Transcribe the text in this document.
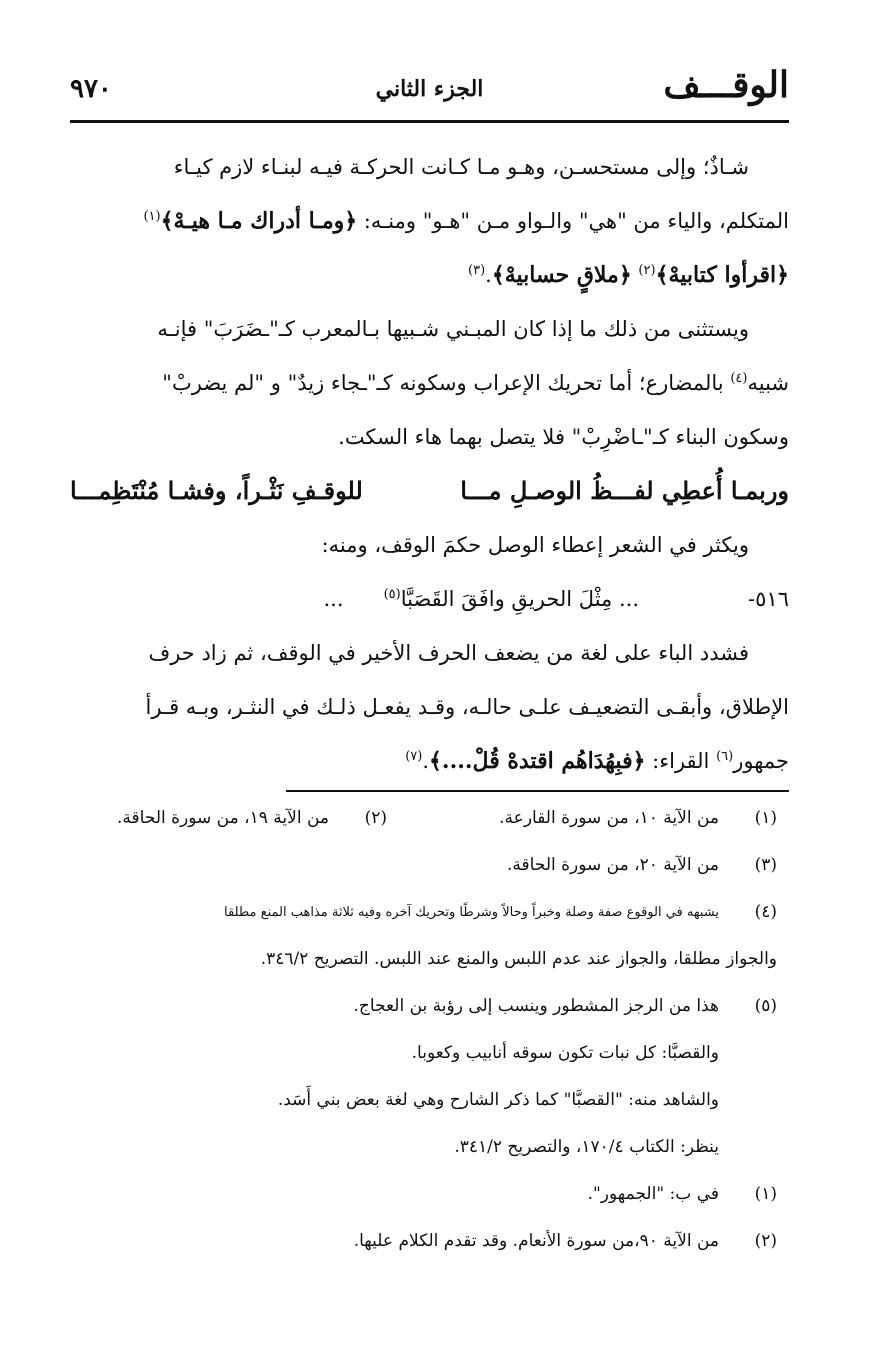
الوقـــف
الجزء الثاني
٩٧٠

شـاذٌ؛ وإلى مستحسـن، وهـو مـا كـانت الحركـة فيـه لبنـاء لازم كيـاء

المتكلم، والياء من "هي" والـواو مـن "هـو" ومنـه: ﴿ومـا أدراك مـا هيـهْ﴾$^{(١)}$

﴿اقرأوا كتابيهْ﴾$^{(٢)}$ ﴿ملاقٍ حسابيهْ﴾.$^{(٣)}$

ويستثنى من ذلك ما إذا كان المبـني شـبيها بـالمعرب كـ"ـضَرَبَ" فإنـه

شبيه$^{(٤)}$ بالمضارع؛ أما تحريك الإعراب وسكونه كـ"ـجاء زيدٌ" و "لم يضربْ"

وسكون البناء كـ"ـاضْرِبْ" فلا يتصل بهما هاء السكت.

وربمـا أُعطِي لفـــظُ الوصـلِ مـــا
للوقـفِ نَثْـراً، وفشـا مُنْتَظِمـــا

ويكثر في الشعر إعطاء الوصل حكمَ الوقف، ومنه:

٥١٦-
... مِثْلَ الحريقِ وافَقَ القَصَبَّا$^{(٥)}$      ...

فشدد الباء على لغة من يضعف الحرف الأخير في الوقف، ثم زاد حرف

الإطلاق، وأبقـى التضعيـف علـى حالـه، وقـد يفعـل ذلـك في النثـر، وبـه قـرأ

جمهور$^{(٦)}$ القراء: ﴿فبِهُدَاهُم اقتدهْ قُلْ....﴾.$^{(٧)}$

(١)
من الآية ١٠، من سورة القارعة.
(٢)
من الآية ١٩، من سورة الحاقة.
(٣)
من الآية ٢٠، من سورة الحاقة.
(٤)
يشبهه في الوقوع صفة وصلة وخبراً وحالاً وشرطًا وتحريك آخره وفيه ثلاثة مذاهب المنع مطلقا
والجواز مطلقا، والجواز عند عدم اللبس والمنع عند اللبس. التصريح ٣٤٦/٢.
(٥)
هذا من الرجز المشطور وينسب إلى رؤبة بن العجاج.
والقصبَّا: كل نبات تكون سوقه أنابيب وكعوبا.
والشاهد منه: "القصبَّا" كما ذكر الشارح وهي لغة بعض بني أَسَد.
ينظر: الكتاب ١٧٠/٤، والتصريح ٣٤١/٢.
(١)
في ب: "الجمهور".
(٢)
من الآية ٩٠،من سورة الأنعام. وقد تقدم الكلام عليها.
